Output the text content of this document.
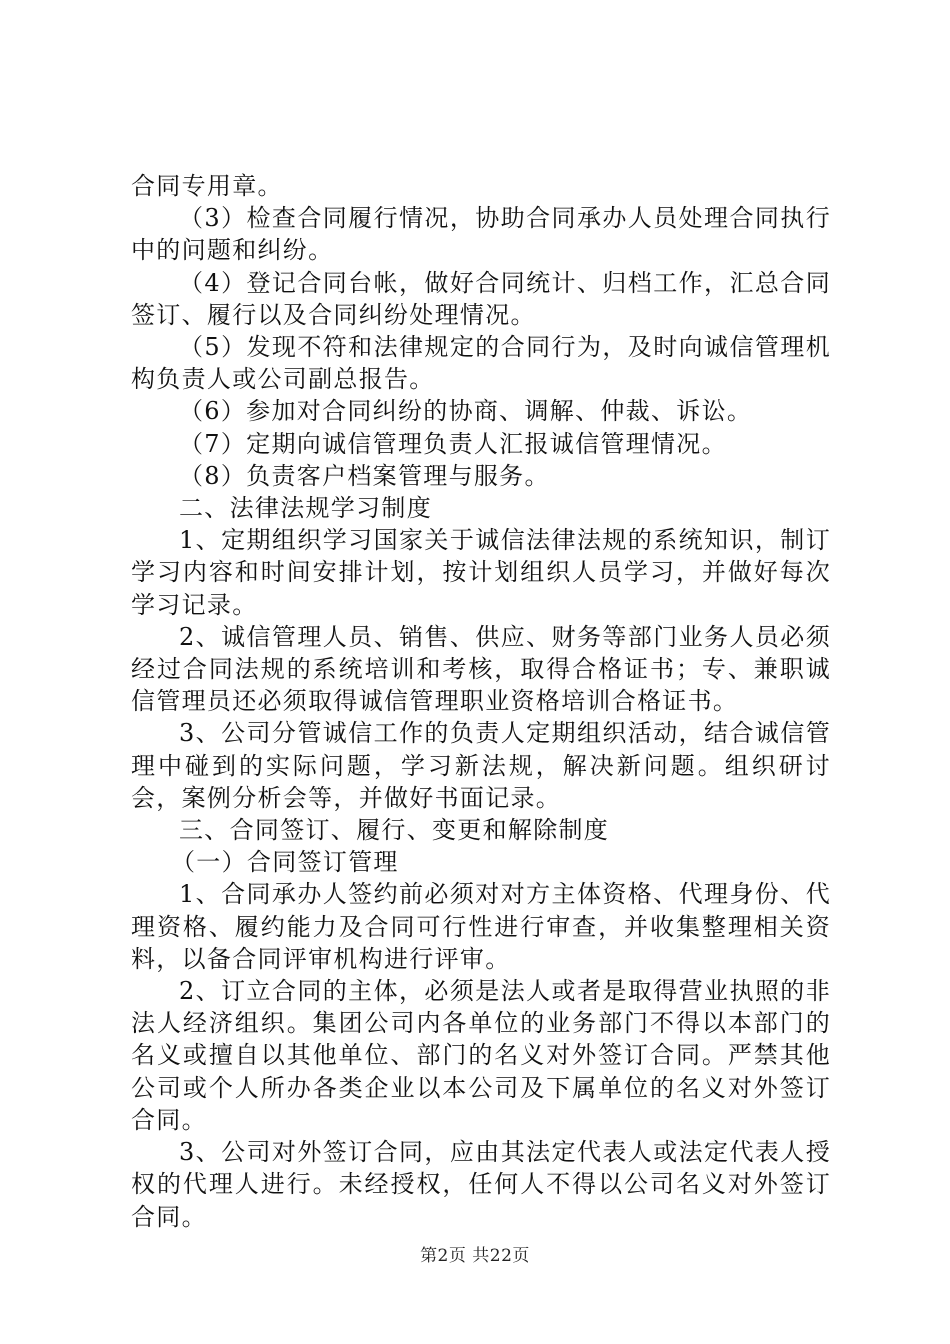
合同专用章。

（3）检查合同履行情况，协助合同承办人员处理合同执行中的问题和纠纷。

（4）登记合同台帐，做好合同统计、归档工作，汇总合同签订、履行以及合同纠纷处理情况。

（5）发现不符和法律规定的合同行为，及时向诚信管理机构负责人或公司副总报告。

（6）参加对合同纠纷的协商、调解、仲裁、诉讼。

（7）定期向诚信管理负责人汇报诚信管理情况。

（8）负责客户档案管理与服务。

二、法律法规学习制度

1、定期组织学习国家关于诚信法律法规的系统知识，制订学习内容和时间安排计划，按计划组织人员学习，并做好每次学习记录。

2、诚信管理人员、销售、供应、财务等部门业务人员必须经过合同法规的系统培训和考核，取得合格证书；专、兼职诚信管理员还必须取得诚信管理职业资格培训合格证书。

3、公司分管诚信工作的负责人定期组织活动，结合诚信管理中碰到的实际问题，学习新法规，解决新问题。组织研讨会，案例分析会等，并做好书面记录。

三、合同签订、履行、变更和解除制度

（一）合同签订管理

1、合同承办人签约前必须对对方主体资格、代理身份、代理资格、履约能力及合同可行性进行审查，并收集整理相关资料，以备合同评审机构进行评审。

2、订立合同的主体，必须是法人或者是取得营业执照的非法人经济组织。集团公司内各单位的业务部门不得以本部门的名义或擅自以其他单位、部门的名义对外签订合同。严禁其他公司或个人所办各类企业以本公司及下属单位的名义对外签订合同。

3、公司对外签订合同，应由其法定代表人或法定代表人授权的代理人进行。未经授权，任何人不得以公司名义对外签订合同。

第2页 共22页
